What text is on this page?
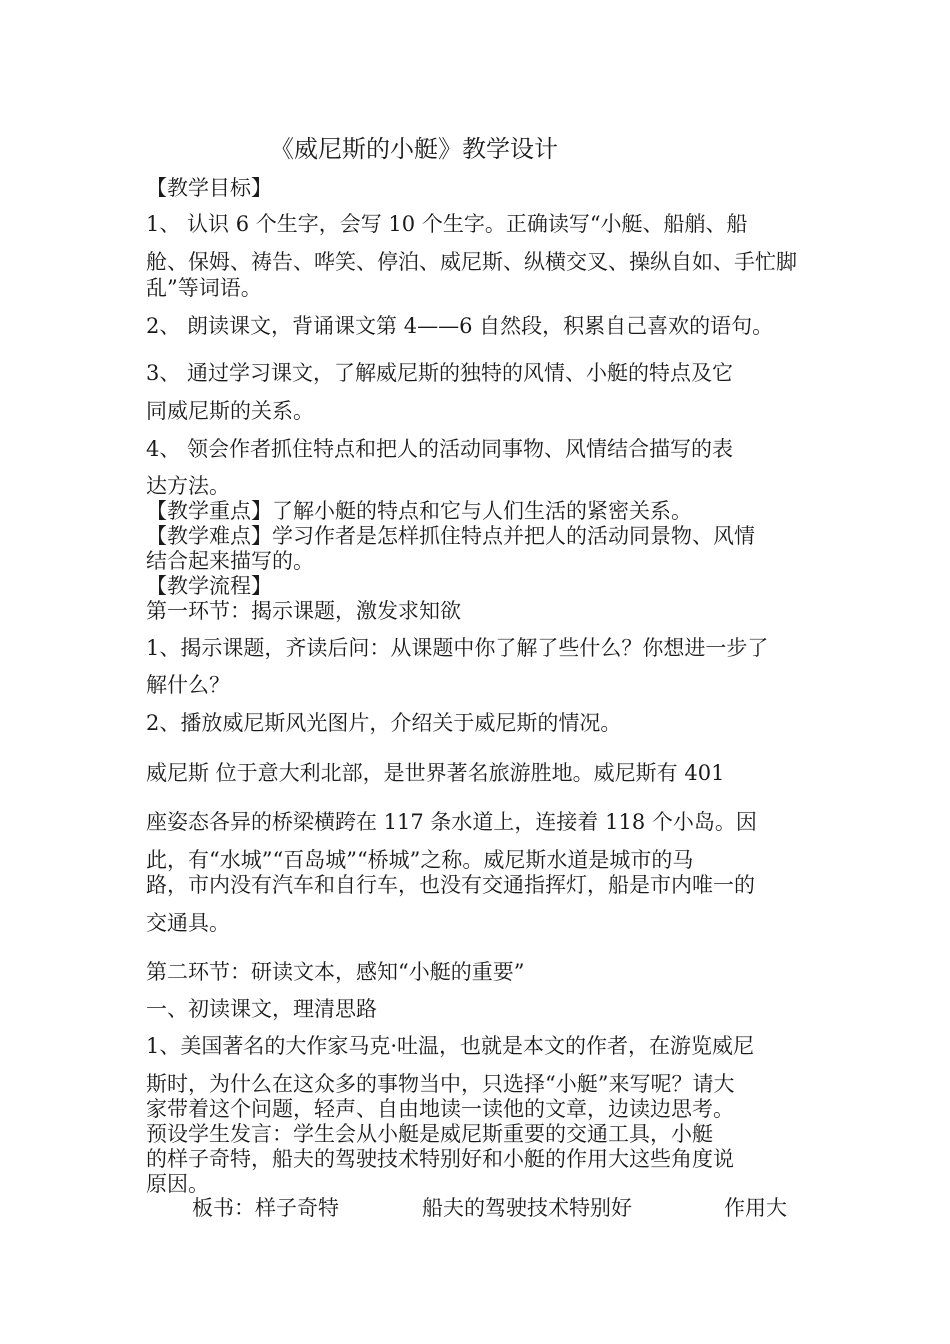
《威尼斯的小艇》教学设计
【教学目标】
1、 认识 6 个生字，会写 10 个生字。正确读写“小艇、船艄、船
舱、保姆、祷告、哗笑、停泊、威尼斯、纵横交叉、操纵自如、手忙脚
乱”等词语。
2、 朗读课文，背诵课文第 4——6 自然段，积累自己喜欢的语句。
3、 通过学习课文，了解威尼斯的独特的风情、小艇的特点及它
同威尼斯的关系。
4、 领会作者抓住特点和把人的活动同事物、风情结合描写的表
达方法。
【教学重点】了解小艇的特点和它与人们生活的紧密关系。
【教学难点】学习作者是怎样抓住特点并把人的活动同景物、风情
结合起来描写的。
【教学流程】
第一环节：揭示课题，激发求知欲
1、揭示课题，齐读后问：从课题中你了解了些什么？你想进一步了
解什么？
2、播放威尼斯风光图片，介绍关于威尼斯的情况。
威尼斯 位于意大利北部，是世界著名旅游胜地。威尼斯有 401
座姿态各异的桥梁横跨在 117 条水道上，连接着 118 个小岛。因
此，有“水城”“百岛城”“桥城”之称。威尼斯水道是城市的马
路，市内没有汽车和自行车，也没有交通指挥灯，船是市内唯一的
交通具。
第二环节：研读文本，感知“小艇的重要”
一、初读课文，理清思路
1、美国著名的大作家马克·吐温，也就是本文的作者，在游览威尼
斯时，为什么在这众多的事物当中，只选择“小艇”来写呢？请大
家带着这个问题，轻声、自由地读一读他的文章，边读边思考。
预设学生发言：学生会从小艇是威尼斯重要的交通工具，小艇
的样子奇特，船夫的驾驶技术特别好和小艇的作用大这些角度说
原因。
板书：样子奇特	船夫的驾驶技术特别好	作用大
